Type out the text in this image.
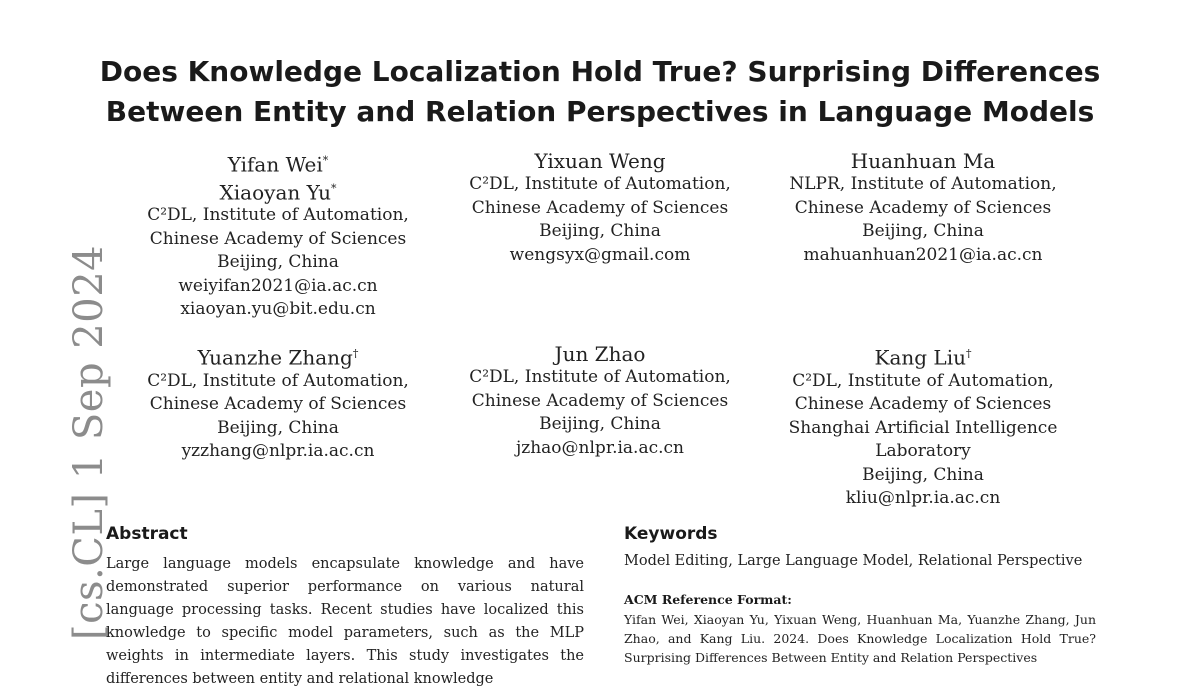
Does Knowledge Localization Hold True? Surprising Differences
Between Entity and Relation Perspectives in Language Models
Yifan Wei*
Xiaoyan Yu*
C²DL, Institute of Automation,
Chinese Academy of Sciences
Beijing, China
weiyifan2021@ia.ac.cn
xiaoyan.yu@bit.edu.cn
Yixuan Weng
C²DL, Institute of Automation,
Chinese Academy of Sciences
Beijing, China
wengsyx@gmail.com
Huanhuan Ma
NLPR, Institute of Automation,
Chinese Academy of Sciences
Beijing, China
mahuanhuan2021@ia.ac.cn
Yuanzhe Zhang†
C²DL, Institute of Automation,
Chinese Academy of Sciences
Beijing, China
yzzhang@nlpr.ia.ac.cn
Jun Zhao
C²DL, Institute of Automation,
Chinese Academy of Sciences
Beijing, China
jzhao@nlpr.ia.ac.cn
Kang Liu†
C²DL, Institute of Automation,
Chinese Academy of Sciences
Shanghai Artificial Intelligence
Laboratory
Beijing, China
kliu@nlpr.ia.ac.cn
[cs.CL] 1 Sep 2024
Abstract
Large language models encapsulate knowledge and have demonstrated superior performance on various natural language processing tasks. Recent studies have localized this knowledge to specific model parameters, such as the MLP weights in intermediate layers. This study investigates the differences between entity and relational knowledge
Keywords
Model Editing, Large Language Model, Relational Perspective
ACM Reference Format:
Yifan Wei, Xiaoyan Yu, Yixuan Weng, Huanhuan Ma, Yuanzhe Zhang, Jun Zhao, and Kang Liu. 2024. Does Knowledge Localization Hold True? Surprising Differences Between Entity and Relation Perspectives
